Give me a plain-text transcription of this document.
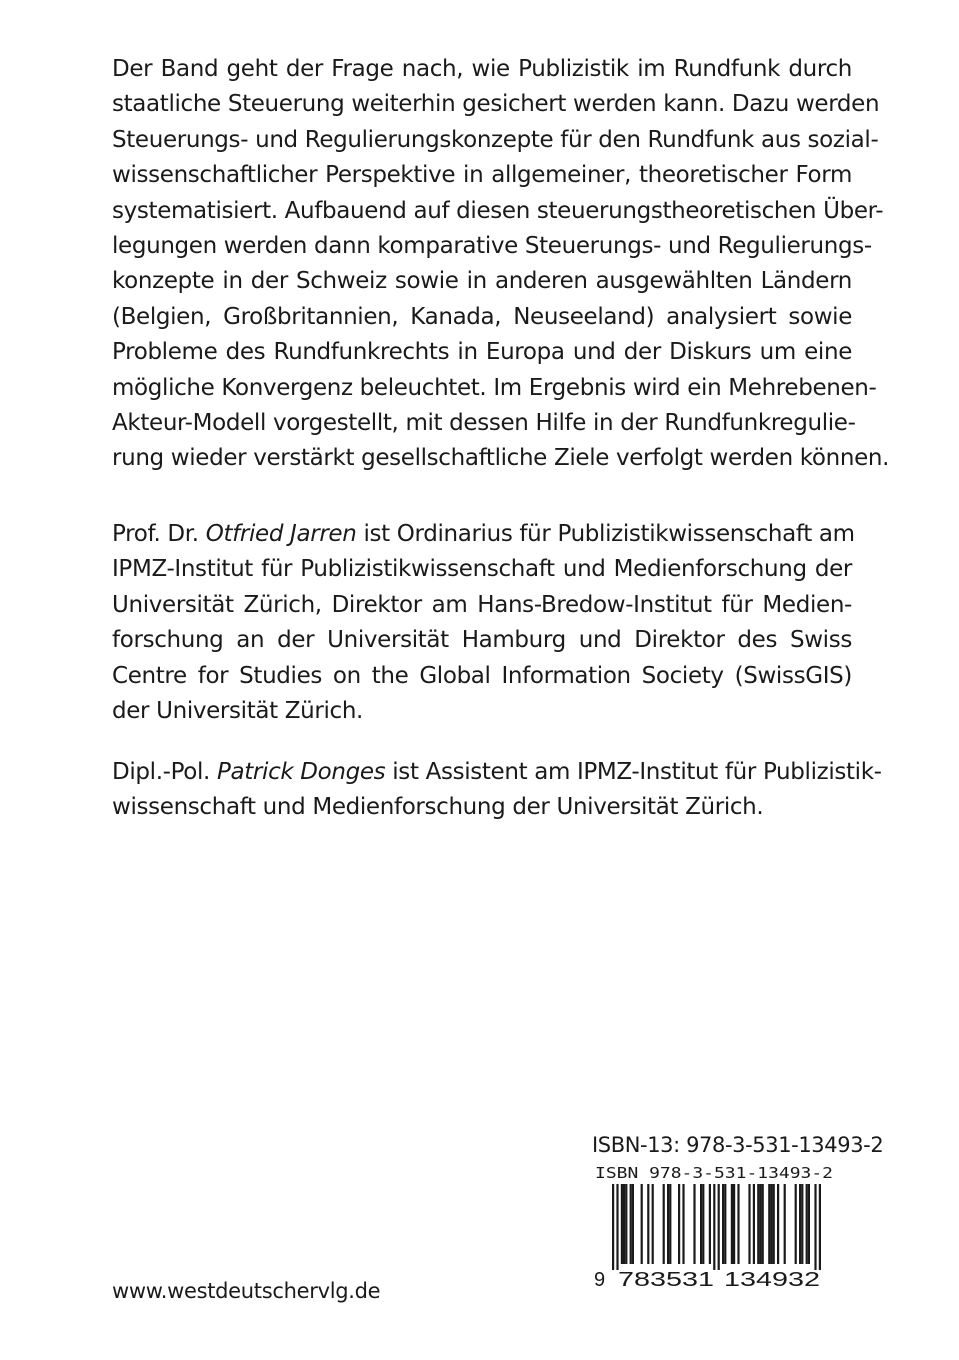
Der Band geht der Frage nach, wie Publizistik im Rundfunk durch
staatliche Steuerung weiterhin gesichert werden kann. Dazu werden
Steuerungs- und Regulierungskonzepte für den Rundfunk aus sozial-
wissenschaftlicher Perspektive in allgemeiner, theoretischer Form
systematisiert. Aufbauend auf diesen steuerungstheoretischen Über-
legungen werden dann komparative Steuerungs- und Regulierungs-
konzepte in der Schweiz sowie in anderen ausgewählten Ländern
(Belgien, Großbritannien, Kanada, Neuseeland) analysiert sowie
Probleme des Rundfunkrechts in Europa und der Diskurs um eine
mögliche Konvergenz beleuchtet. Im Ergebnis wird ein Mehrebenen-
Akteur-Modell vorgestellt, mit dessen Hilfe in der Rundfunkregulie-
rung wieder verstärkt gesellschaftliche Ziele verfolgt werden können.
Prof. Dr. Otfried Jarren ist Ordinarius für Publizistikwissenschaft am
IPMZ-Institut für Publizistikwissenschaft und Medienforschung der
Universität Zürich, Direktor am Hans-Bredow-Institut für Medien-
forschung an der Universität Hamburg und Direktor des Swiss
Centre for Studies on the Global Information Society (SwissGIS)
der Universität Zürich.
Dipl.-Pol. Patrick Donges ist Assistent am IPMZ-Institut für Publizistik-
wissenschaft und Medienforschung der Universität Zürich.
ISBN-13: 978-3-531-13493-2
ISBN 978-3-531-13493-2
9 783531 134932
www.westdeutschervlg.de
